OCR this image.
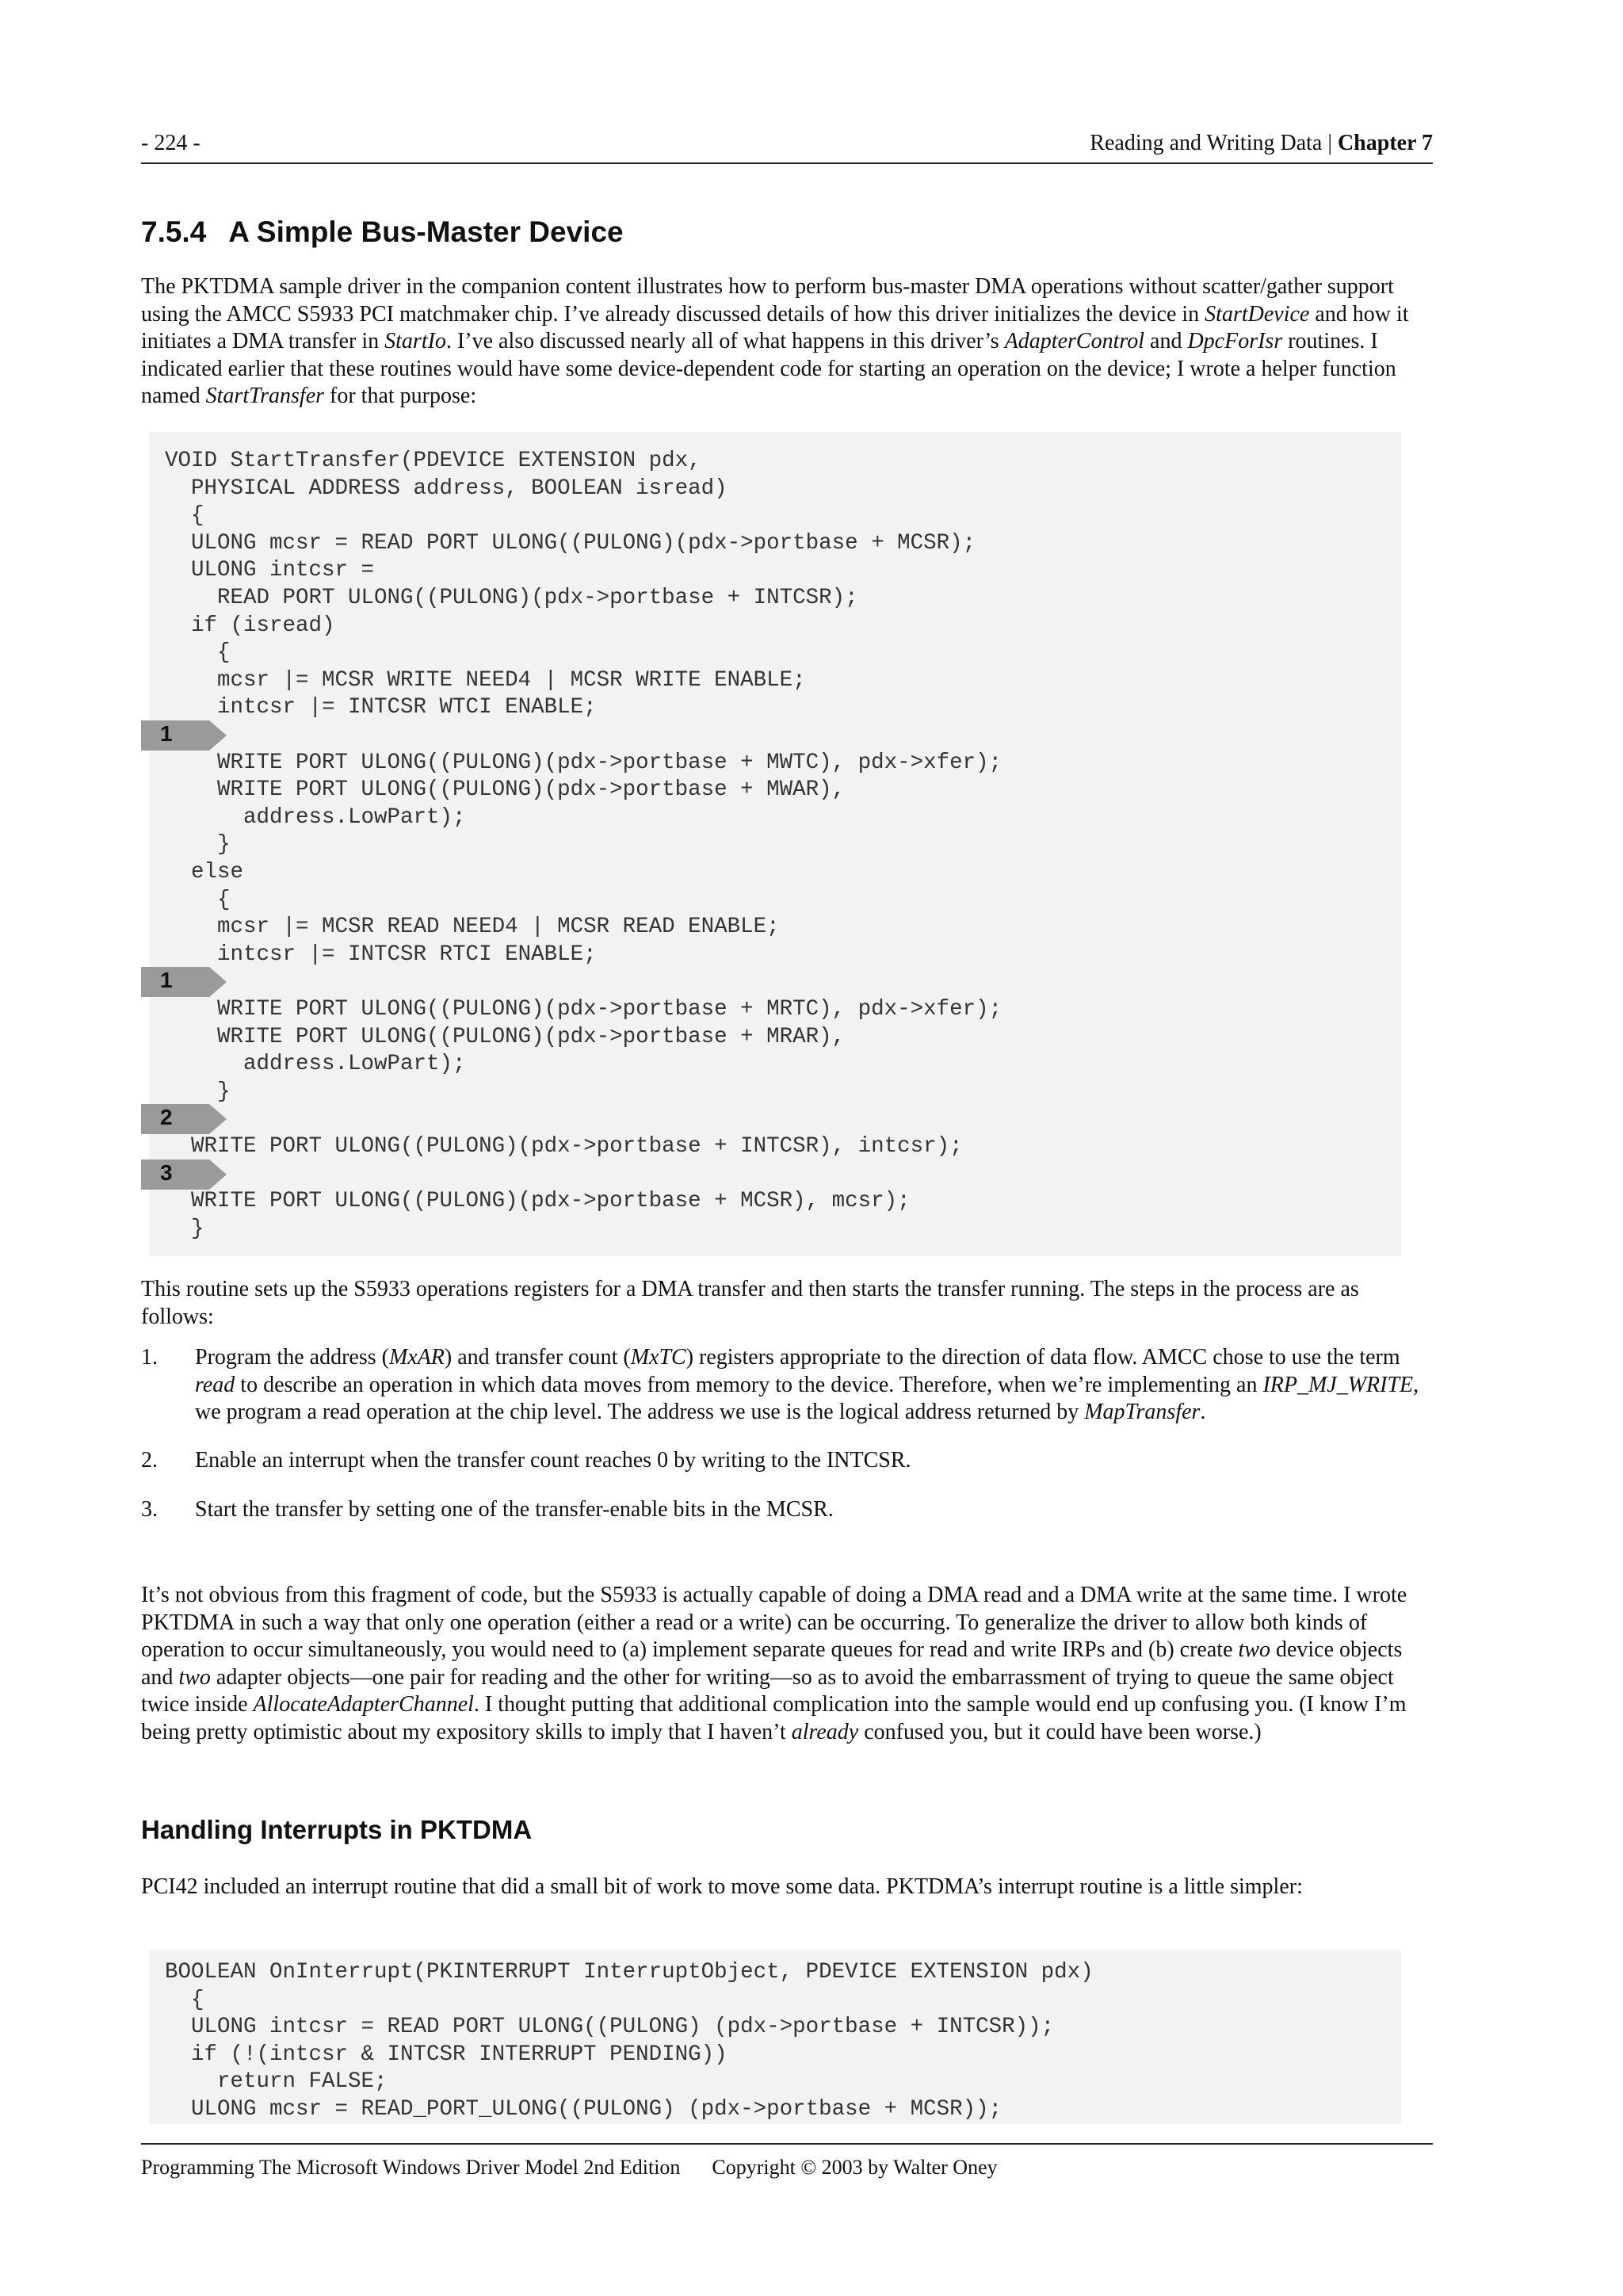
- 224 -	Reading and Writing Data | Chapter 7
7.5.4 A Simple Bus-Master Device

The PKTDMA sample driver in the companion content illustrates how to perform bus-master DMA operations without scatter/gather support using the AMCC S5933 PCI matchmaker chip. I’ve already discussed details of how this driver initializes the device in StartDevice and how it initiates a DMA transfer in StartIo. I’ve also discussed nearly all of what happens in this driver’s AdapterControl and DpcForIsr routines. I indicated earlier that these routines would have some device-dependent code for starting an operation on the device; I wrote a helper function named StartTransfer for that purpose:

VOID StartTransfer(PDEVICE EXTENSION pdx,
PHYSICAL ADDRESS address, BOOLEAN isread)
{
ULONG mcsr = READ PORT ULONG((PULONG)(pdx->portbase + MCSR);
ULONG intcsr =
READ PORT ULONG((PULONG)(pdx->portbase + INTCSR);
if (isread)
{
mcsr |= MCSR WRITE NEED4 | MCSR WRITE ENABLE;
intcsr |= INTCSR WTCI ENABLE;
WRITE PORT ULONG((PULONG)(pdx->portbase + MWTC), pdx->xfer);
WRITE PORT ULONG((PULONG)(pdx->portbase + MWAR),
address.LowPart);
}
else
{
mcsr |= MCSR READ NEED4 | MCSR READ ENABLE;
intcsr |= INTCSR RTCI ENABLE;
WRITE PORT ULONG((PULONG)(pdx->portbase + MRTC), pdx->xfer);
WRITE PORT ULONG((PULONG)(pdx->portbase + MRAR),
address.LowPart);
}
WRITE PORT ULONG((PULONG)(pdx->portbase + INTCSR), intcsr);
WRITE PORT ULONG((PULONG)(pdx->portbase + MCSR), mcsr);
}
1
1
2
3

This routine sets up the S5933 operations registers for a DMA transfer and then starts the transfer running. The steps in the process are as follows:

1. Program the address (MxAR) and transfer count (MxTC) registers appropriate to the direction of data flow. AMCC chose to use the term read to describe an operation in which data moves from memory to the device. Therefore, when we’re implementing an IRP_MJ_WRITE, we program a read operation at the chip level. The address we use is the logical address returned by MapTransfer.
2. Enable an interrupt when the transfer count reaches 0 by writing to the INTCSR.
3. Start the transfer by setting one of the transfer-enable bits in the MCSR.

It’s not obvious from this fragment of code, but the S5933 is actually capable of doing a DMA read and a DMA write at the same time. I wrote PKTDMA in such a way that only one operation (either a read or a write) can be occurring. To generalize the driver to allow both kinds of operation to occur simultaneously, you would need to (a) implement separate queues for read and write IRPs and (b) create two device objects and two adapter objects—one pair for reading and the other for writing—so as to avoid the embarrassment of trying to queue the same object twice inside AllocateAdapterChannel. I thought putting that additional complication into the sample would end up confusing you. (I know I’m being pretty optimistic about my expository skills to imply that I haven’t already confused you, but it could have been worse.)

Handling Interrupts in PKTDMA

PCI42 included an interrupt routine that did a small bit of work to move some data. PKTDMA’s interrupt routine is a little simpler:

BOOLEAN OnInterrupt(PKINTERRUPT InterruptObject, PDEVICE EXTENSION pdx)
{
ULONG intcsr = READ PORT ULONG((PULONG) (pdx->portbase + INTCSR));
if (!(intcsr & INTCSR INTERRUPT PENDING))
return FALSE;
ULONG mcsr = READ_PORT_ULONG((PULONG) (pdx->portbase + MCSR));
Programming The Microsoft Windows Driver Model 2nd Edition Copyright © 2003 by Walter Oney
